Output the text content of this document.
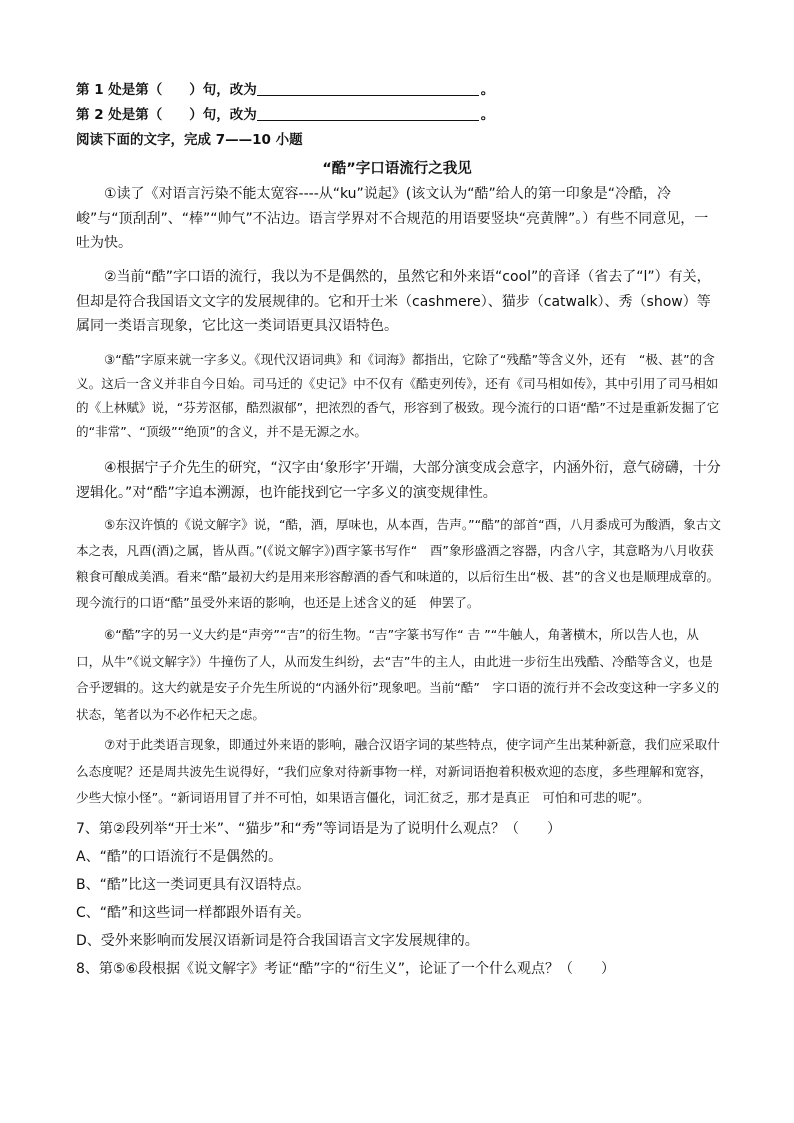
第 1 处是第（　　）句，改为	。
第 2 处是第（　　）句，改为	。
阅读下面的文字，完成 7——10 小题
“酷”字口语流行之我见
①读了《对语言污染不能太宽容----从“ku”说起》(该文认为“酷”给人的第一印象是“冷酷，冷峻”与“顶刮刮”、“棒”“帅气”不沾边。语言学界对不合规范的用语要竖块“亮黄牌”。）有些不同意见，一吐为快。
②当前“酷”字口语的流行，我以为不是偶然的，虽然它和外来语“cool”的音译（省去了“l”）有关，但却是符合我国语文文字的发展规律的。它和开士米（cashmere）、猫步（catwalk）、秀（show）等属同一类语言现象，它比这一类词语更具汉语特色。
③“酷”字原来就一字多义。《现代汉语词典》和《词海》都指出，它除了“残酷”等含义外，还有　“极、甚”的含义。这后一含义并非自今日始。司马迁的《史记》中不仅有《酷吏列传》，还有《司马相如传》，其中引用了司马相如的《上林赋》说，“芬芳沤郁，酷烈淑郁”，把浓烈的香气，形容到了极致。现今流行的口语“酷”不过是重新发掘了它的“非常”、“顶级”“绝顶”的含义，并不是无源之水。
④根据宁子介先生的研究，“汉字由‘象形字’开端，大部分演变成会意字，内涵外衍，意气磅礴，十分逻辑化。”对“酷”字追本溯源，也许能找到它一字多义的演变规律性。
⑤东汉许慎的《说文解字》说，“酷，酒，厚味也，从本酉，告声。”“酷”的部首“酉，八月黍成可为酸酒，象古文本之表，凡酉(酒)之属，皆从酉。”(《说文解字》)酉字篆书写作“　酉”象形盛酒之容器，内含八字，其意略为八月收获粮食可酿成美酒。看来“酷”最初大约是用来形容醇酒的香气和味道的，以后衍生出“极、甚”的含义也是顺理成章的。现今流行的口语“酷”虽受外来语的影响，也还是上述含义的延　伸罢了。
⑥“酷”字的另一义大约是“声旁”“吉”的衍生物。“吉”字篆书写作“ 𠮷 ”“牛触人，角著横木，所以告人也，从口，从牛”《说文解字》）牛撞伤了人，从而发生纠纷，去“吉”牛的主人，由此进一步衍生出残酷、冷酷等含义，也是合乎逻辑的。这大约就是安子介先生所说的“内涵外衍”现象吧。当前“酷”　字口语的流行并不会改变这种一字多义的状态，笔者以为不必作杞天之虑。
⑦对于此类语言现象，即通过外来语的影响，融合汉语字词的某些特点，使字词产生出某种新意，我们应采取什么态度呢？还是周共波先生说得好，“我们应象对待新事物一样，对新词语抱着积极欢迎的态度，多些理解和宽容，少些大惊小怪”。“新词语用冒了并不可怕，如果语言僵化，词汇贫乏，那才是真正　可怕和可悲的呢”。
7、第②段列举“开士米”、“猫步”和“秀”等词语是为了说明什么观点？（　　）
A、“酷”的口语流行不是偶然的。
B、“酷”比这一类词更具有汉语特点。
C、“酷”和这些词一样都跟外语有关。
D、受外来影响而发展汉语新词是符合我国语言文字发展规律的。
8、第⑤⑥段根据《说文解字》考证“酷”字的“衍生义”，论证了一个什么观点？（　　）
